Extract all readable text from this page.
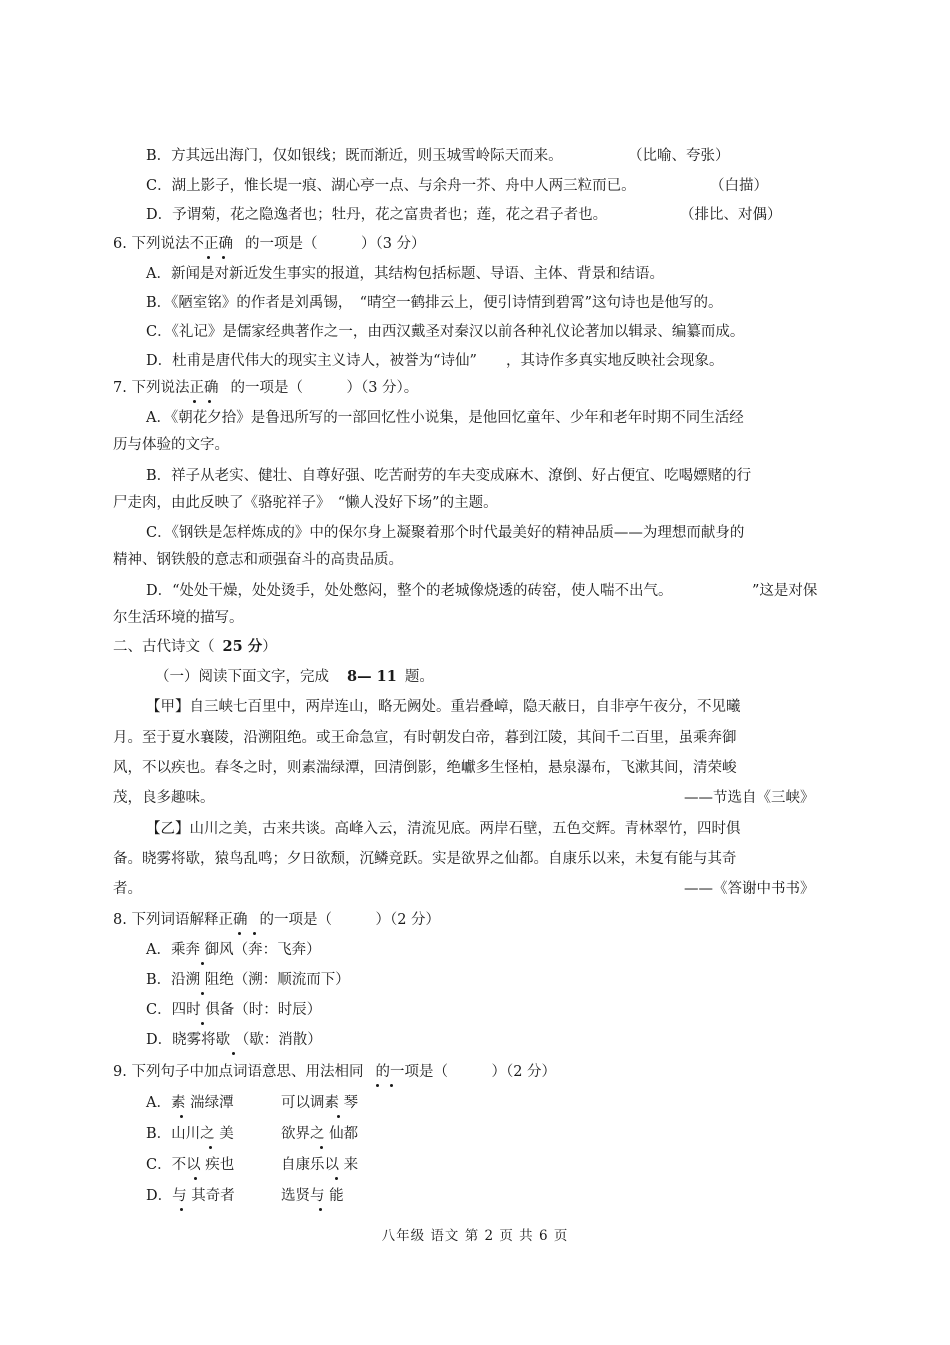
B．方其远出海门，仅如银线；既而渐近，则玉城雪岭际天而来。	（比喻、夸张）
C．湖上影子，惟长堤一痕、湖心亭一点、与余舟一芥、舟中人两三粒而已。	（白描）
D．予谓菊，花之隐逸者也；牡丹，花之富贵者也；莲，花之君子者也。	（排比、对偶）
6. 下列说法不正确 的一项是（　　　）（3 分）
A．新闻是对新近发生事实的报道，其结构包括标题、导语、主体、背景和结语。
B．《陋室铭》的作者是刘禹锡，　“晴空一鹤排云上，便引诗情到碧霄”这句诗也是他写的。
C．《礼记》是儒家经典著作之一，由西汉戴圣对秦汉以前各种礼仪论著加以辑录、编纂而成。
D．杜甫是唐代伟大的现实主义诗人，被誉为“诗仙”　　，其诗作多真实地反映社会现象。
7. 下列说法正确 的一项是（　　　）（3 分）。
A．《朝花夕拾》是鲁迅所写的一部回忆性小说集，是他回忆童年、少年和老年时期不同生活经
历与体验的文字。
B．祥子从老实、健壮、自尊好强、吃苦耐劳的车夫变成麻木、潦倒、好占便宜、吃喝嫖赌的行
尸走肉，由此反映了《骆驼祥子》　“懒人没好下场”的主题。
C．《钢铁是怎样炼成的》中的保尔身上凝聚着那个时代最美好的精神品质——为理想而献身的
精神、钢铁般的意志和顽强奋斗的高贵品质。
D．“处处干燥，处处烫手，处处憋闷，整个的老城像烧透的砖窑，使人喘不出气。	”这是对保
尔生活环境的描写。
二、古代诗文（ 25 分）
（一）阅读下面文字，完成 8— 11 题。
【甲】自三峡七百里中，两岸连山，略无阙处。重岩叠嶂，隐天蔽日，自非亭午夜分，不见曦
月。至于夏水襄陵，沿溯阻绝。或王命急宣，有时朝发白帝，暮到江陵，其间千二百里，虽乘奔御
风，不以疾也。春冬之时，则素湍绿潭，回清倒影，绝巘多生怪柏，悬泉瀑布，飞漱其间，清荣峻
茂，良多趣味。	——节选自《三峡》
【乙】山川之美，古来共谈。高峰入云，清流见底。两岸石壁，五色交辉。青林翠竹，四时俱
备。晓雾将歇，猿鸟乱鸣；夕日欲颓，沉鳞竞跃。实是欲界之仙都。自康乐以来，未复有能与其奇
者。	——《答谢中书书》
8. 下列词语解释正确 的一项是（　　　）（2 分）
A．乘奔 御风（奔：飞奔）
B．沿溯 阻绝（溯：顺流而下）
C．四时 俱备（时：时辰）
D．晓雾将歇 （歇：消散）
9. 下列句子中加点词语意思、用法相同 的一项是（　　　）（2 分）
A．素 湍绿潭	可以调素 琴
B．山川之 美	欲界之 仙都
C．不以 疾也	自康乐以 来
D．与 其奇者	选贤与 能
八年级 语文 第 2 页 共 6 页
